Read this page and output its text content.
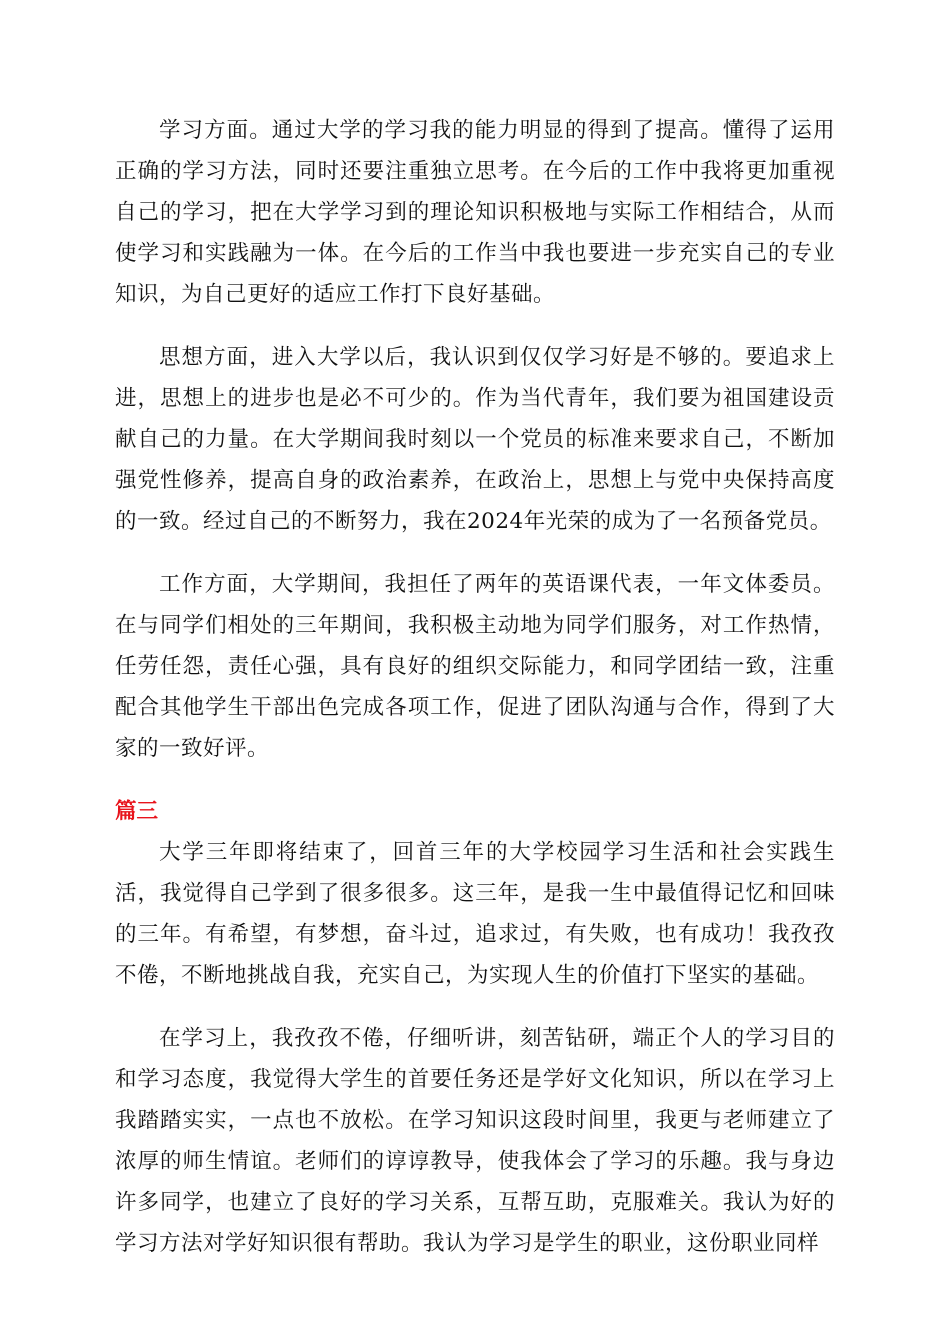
学习方面。通过大学的学习我的能力明显的得到了提高。懂得了运用正确的学习方法，同时还要注重独立思考。在今后的工作中我将更加重视自己的学习，把在大学学习到的理论知识积极地与实际工作相结合，从而使学习和实践融为一体。在今后的工作当中我也要进一步充实自己的专业知识，为自己更好的适应工作打下良好基础。

思想方面，进入大学以后，我认识到仅仅学习好是不够的。要追求上进，思想上的进步也是必不可少的。作为当代青年，我们要为祖国建设贡献自己的力量。在大学期间我时刻以一个党员的标准来要求自己，不断加强党性修养，提高自身的政治素养，在政治上，思想上与党中央保持高度的一致。经过自己的不断努力，我在2024年光荣的成为了一名预备党员。

工作方面，大学期间，我担任了两年的英语课代表，一年文体委员。在与同学们相处的三年期间，我积极主动地为同学们服务，对工作热情，任劳任怨，责任心强，具有良好的组织交际能力，和同学团结一致，注重配合其他学生干部出色完成各项工作，促进了团队沟通与合作，得到了大家的一致好评。

篇三

大学三年即将结束了，回首三年的大学校园学习生活和社会实践生活，我觉得自己学到了很多很多。这三年，是我一生中最值得记忆和回味的三年。有希望，有梦想，奋斗过，追求过，有失败，也有成功！我孜孜不倦，不断地挑战自我，充实自己，为实现人生的价值打下坚实的基础。

在学习上，我孜孜不倦，仔细听讲，刻苦钻研，端正个人的学习目的和学习态度，我觉得大学生的首要任务还是学好文化知识，所以在学习上我踏踏实实，一点也不放松。在学习知识这段时间里，我更与老师建立了浓厚的师生情谊。老师们的谆谆教导，使我体会了学习的乐趣。我与身边许多同学，也建立了良好的学习关系，互帮互助，克服难关。我认为好的学习方法对学好知识很有帮助。我认为学习是学生的职业，这份职业同样
